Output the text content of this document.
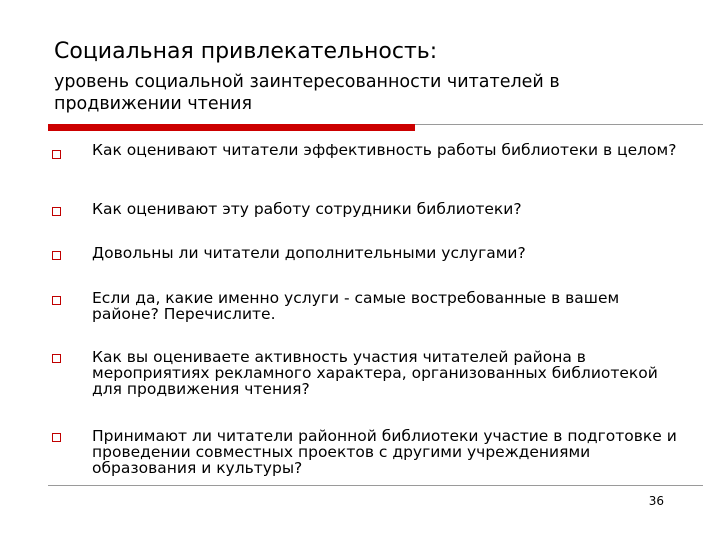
Социальная привлекательность:
уровень социальной заинтересованности читателей в продвижении чтения
Как оценивают читатели эффективность работы библиотеки в целом?
Как оценивают эту работу сотрудники библиотеки?
Довольны ли читатели дополнительными услугами?
Если да, какие именно услуги - самые востребованные в вашем районе? Перечислите.
Как вы оцениваете активность участия читателей района в мероприятиях рекламного характера, организованных библиотекой для продвижения чтения?
Принимают ли читатели районной библиотеки участие в подготовке и проведении совместных проектов с другими учреждениями образования и культуры?
36
